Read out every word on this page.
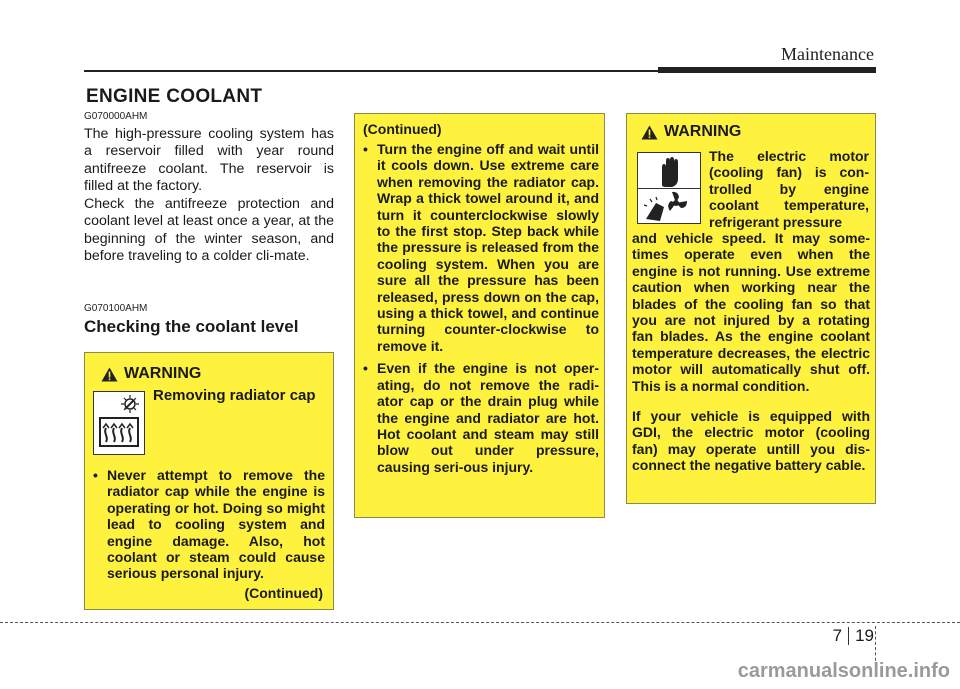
Maintenance
ENGINE COOLANT
G070000AHM

The high-pressure cooling system has a reservoir filled with year round antifreeze coolant. The reservoir is filled at the factory.

Check the antifreeze protection and coolant level at least once a year, at the beginning of the winter season, and before traveling to a colder cli-mate.

G070100AHM
Checking the coolant level
WARNING
Removing radiator cap
• Never attempt to remove the radiator cap while the engine is operating or hot. Doing so might lead to cooling system and engine damage. Also, hot coolant or steam could cause serious personal injury.
(Continued)
(Continued)
• Turn the engine off and wait until it cools down. Use extreme care when removing the radiator cap. Wrap a thick towel around it, and turn it counterclockwise slowly to the first stop. Step back while the pressure is released from the cooling system. When you are sure all the pressure has been released, press down on the cap, using a thick towel, and continue turning counter-clockwise to remove it.
• Even if the engine is not oper-ating, do not remove the radi-ator cap or the drain plug while the engine and radiator are hot. Hot coolant and steam may still blow out under pressure, causing seri-ous injury.
WARNING

The electric motor (cooling fan) is con-trolled by engine coolant temperature, refrigerant pressure

and vehicle speed. It may some-times operate even when the engine is not running. Use extreme caution when working near the blades of the cooling fan so that you are not injured by a rotating fan blades. As the engine coolant temperature decreases, the electric motor will automatically shut off. This is a normal condition.

If your vehicle is equipped with GDI, the electric motor (cooling fan) may operate untill you dis-connect the negative battery cable.

7 19
carmanualsonline.info
